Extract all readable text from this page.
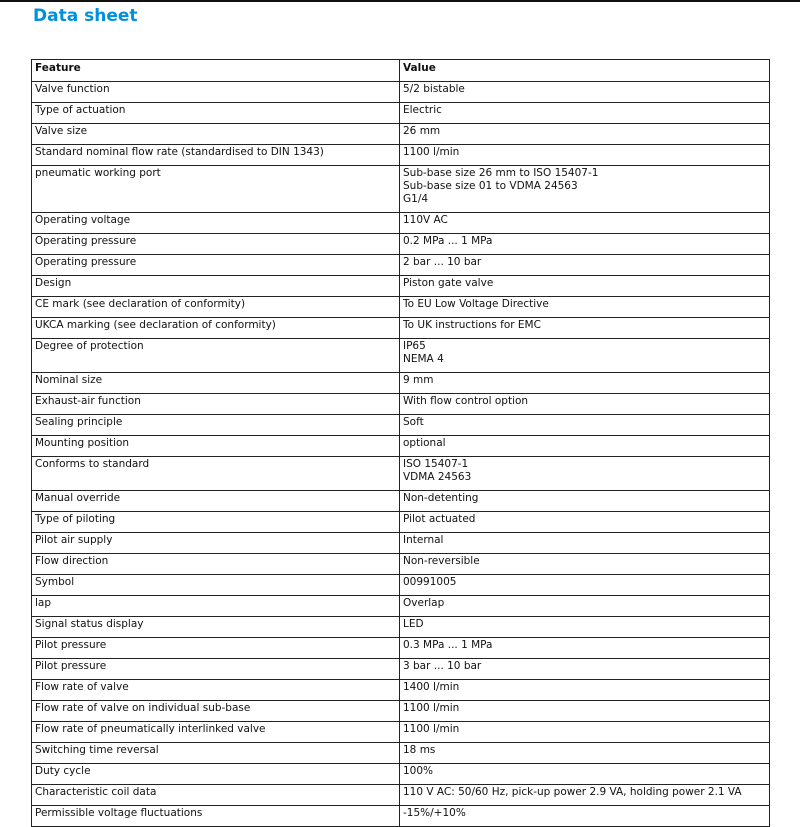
Data sheet
Feature	Value
Valve function	5/2 bistable

Type of actuation	Electric

Valve size	26 mm

Standard nominal flow rate (standardised to DIN 1343)	1100 l/min

pneumatic working port	Sub-base size 26 mm to ISO 15407-1
Sub-base size 01 to VDMA 24563
G1/4

Operating voltage	110V AC

Operating pressure	0.2 MPa ... 1 MPa

Operating pressure	2 bar ... 10 bar

Design	Piston gate valve

CE mark (see declaration of conformity)	To EU Low Voltage Directive

UKCA marking (see declaration of conformity)	To UK instructions for EMC

Degree of protection	IP65
NEMA 4

Nominal size	9 mm

Exhaust-air function	With flow control option

Sealing principle	Soft

Mounting position	optional

Conforms to standard	ISO 15407-1
VDMA 24563

Manual override	Non-detenting

Type of piloting	Pilot actuated

Pilot air supply	Internal

Flow direction	Non-reversible

Symbol	00991005

lap	Overlap

Signal status display	LED

Pilot pressure	0.3 MPa ... 1 MPa

Pilot pressure	3 bar ... 10 bar

Flow rate of valve	1400 l/min

Flow rate of valve on individual sub-base	1100 l/min

Flow rate of pneumatically interlinked valve	1100 l/min

Switching time reversal	18 ms

Duty cycle	100%

Characteristic coil data	110 V AC: 50/60 Hz, pick-up power 2.9 VA, holding power 2.1 VA

Permissible voltage fluctuations	-15%/+10%
